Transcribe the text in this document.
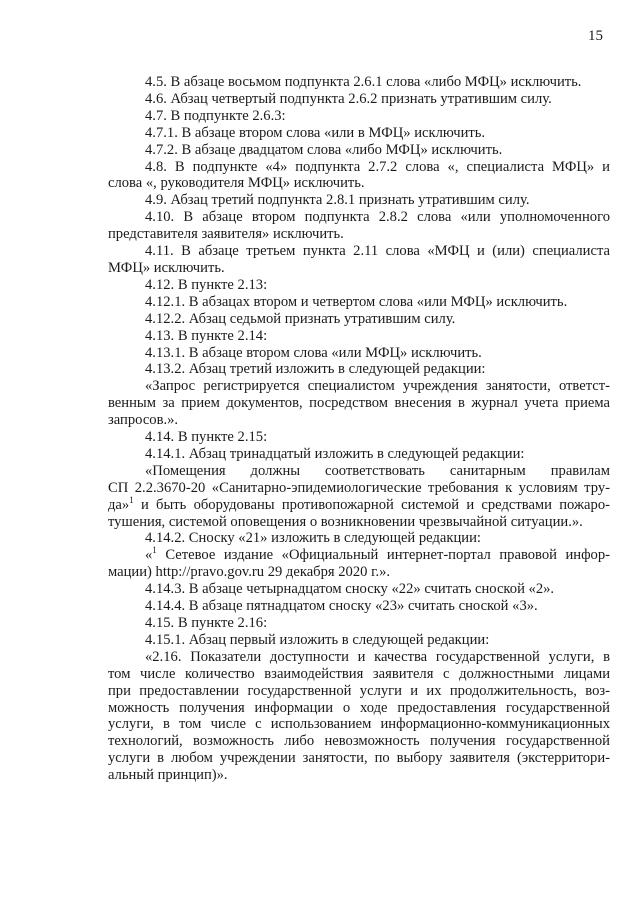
15

4.5. В абзаце восьмом подпункта 2.6.1 слова «либо МФЦ» исключить.

4.6. Абзац четвертый подпункта 2.6.2 признать утратившим силу.

4.7. В подпункте 2.6.3:

4.7.1. В абзаце втором слова «или в МФЦ» исключить.

4.7.2. В абзаце двадцатом слова «либо МФЦ» исключить.

4.8. В подпункте «4» подпункта 2.7.2 слова «, специалиста МФЦ» и
слова «, руководителя МФЦ» исключить.

4.9. Абзац третий подпункта 2.8.1 признать утратившим силу.

4.10. В абзаце втором подпункта 2.8.2 слова «или уполномоченного
представителя заявителя» исключить.
4.11. В абзаце третьем пункта 2.11 слова «МФЦ и (или) специалиста
МФЦ» исключить.

4.12. В пункте 2.13:

4.12.1. В абзацах втором и четвертом слова «или МФЦ» исключить.

4.12.2. Абзац седьмой признать утратившим силу.

4.13. В пункте 2.14:

4.13.1. В абзаце втором слова «или МФЦ» исключить.

4.13.2. Абзац третий изложить в следующей редакции:

«Запрос регистрируется специалистом учреждения занятости, ответст-
венным за прием документов, посредством внесения в журнал учета приема
запросов.».

4.14. В пункте 2.15:

4.14.1. Абзац тринадцатый изложить в следующей редакции:

«Помещения должны соответствовать санитарным правилам
СП 2.2.3670-20 «Санитарно-эпидемиологические требования к условиям тру-
да»$^1$ и быть оборудованы противопожарной системой и средствами пожаро-
тушения, системой оповещения о возникновении чрезвычайной ситуации.».

4.14.2. Сноску «21» изложить в следующей редакции:

«$^1$ Сетевое издание «Официальный интернет-портал правовой инфор-
мации) http://pravo.gov.ru 29 декабря 2020 г.».

4.14.3. В абзаце четырнадцатом сноску «22» считать сноской «2».

4.14.4. В абзаце пятнадцатом сноску «23» считать сноской «3».

4.15. В пункте 2.16:

4.15.1. Абзац первый изложить в следующей редакции:

«2.16. Показатели доступности и качества государственной услуги, в
том числе количество взаимодействия заявителя с должностными лицами
при предоставлении государственной услуги и их продолжительность, воз-
можность получения информации о ходе предоставления государственной
услуги, в том числе с использованием информационно-коммуникационных
технологий, возможность либо невозможность получения государственной
услуги в любом учреждении занятости, по выбору заявителя (экстерритори-
альный принцип)».
